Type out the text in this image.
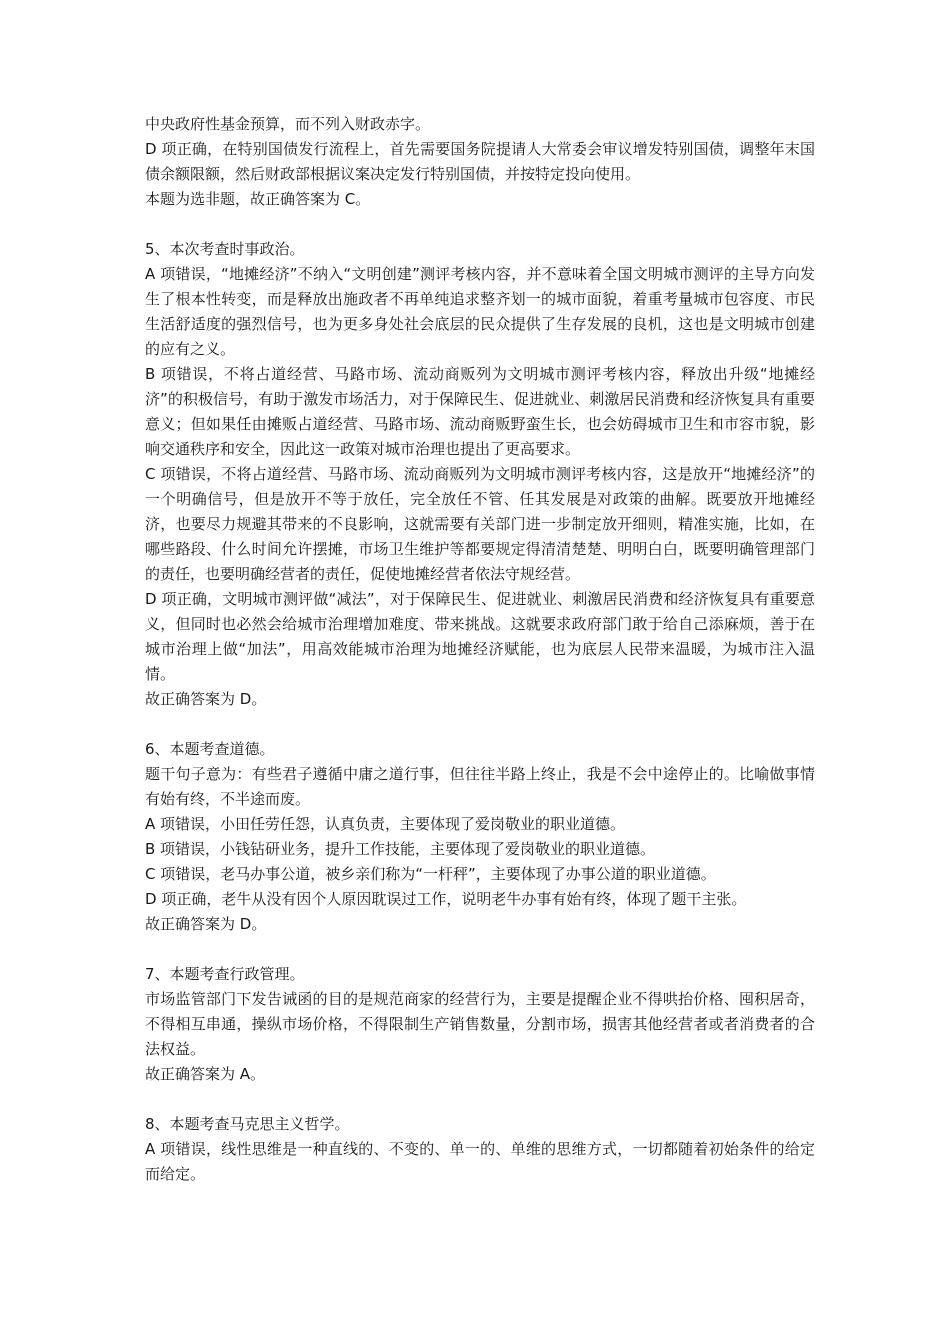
中央政府性基金预算，而不列入财政赤字。

D 项正确，在特别国债发行流程上，首先需要国务院提请人大常委会审议增发特别国债，调整年末国债余额限额，然后财政部根据议案决定发行特别国债，并按特定投向使用。

本题为选非题，故正确答案为 C。

5、本次考查时事政治。

A 项错误，“地摊经济”不纳入“文明创建”测评考核内容，并不意味着全国文明城市测评的主导方向发生了根本性转变，而是释放出施政者不再单纯追求整齐划一的城市面貌，着重考量城市包容度、市民生活舒适度的强烈信号，也为更多身处社会底层的民众提供了生存发展的良机，这也是文明城市创建的应有之义。

B 项错误，不将占道经营、马路市场、流动商贩列为文明城市测评考核内容，释放出升级“地摊经济”的积极信号，有助于激发市场活力，对于保障民生、促进就业、刺激居民消费和经济恢复具有重要意义；但如果任由摊贩占道经营、马路市场、流动商贩野蛮生长，也会妨碍城市卫生和市容市貌，影响交通秩序和安全，因此这一政策对城市治理也提出了更高要求。

C 项错误，不将占道经营、马路市场、流动商贩列为文明城市测评考核内容，这是放开“地摊经济”的一个明确信号，但是放开不等于放任，完全放任不管、任其发展是对政策的曲解。既要放开地摊经济，也要尽力规避其带来的不良影响，这就需要有关部门进一步制定放开细则，精准实施，比如，在哪些路段、什么时间允许摆摊，市场卫生维护等都要规定得清清楚楚、明明白白，既要明确管理部门的责任，也要明确经营者的责任，促使地摊经营者依法守规经营。

D 项正确，文明城市测评做“减法”，对于保障民生、促进就业、刺激居民消费和经济恢复具有重要意义，但同时也必然会给城市治理增加难度、带来挑战。这就要求政府部门敢于给自己添麻烦，善于在城市治理上做“加法”，用高效能城市治理为地摊经济赋能，也为底层人民带来温暖，为城市注入温情。

故正确答案为 D。

6、本题考查道德。

题干句子意为：有些君子遵循中庸之道行事，但往往半路上终止，我是不会中途停止的。比喻做事情有始有终，不半途而废。

A 项错误，小田任劳任怨，认真负责，主要体现了爱岗敬业的职业道德。

B 项错误，小钱钻研业务，提升工作技能，主要体现了爱岗敬业的职业道德。

C 项错误，老马办事公道，被乡亲们称为“一杆秤”，主要体现了办事公道的职业道德。

D 项正确，老牛从没有因个人原因耽误过工作，说明老牛办事有始有终，体现了题干主张。

故正确答案为 D。

7、本题考查行政管理。

市场监管部门下发告诫函的目的是规范商家的经营行为，主要是提醒企业不得哄抬价格、囤积居奇，不得相互串通，操纵市场价格，不得限制生产销售数量，分割市场，损害其他经营者或者消费者的合法权益。

故正确答案为 A。

8、本题考查马克思主义哲学。

A 项错误，线性思维是一种直线的、不变的、单一的、单维的思维方式，一切都随着初始条件的给定而给定。
